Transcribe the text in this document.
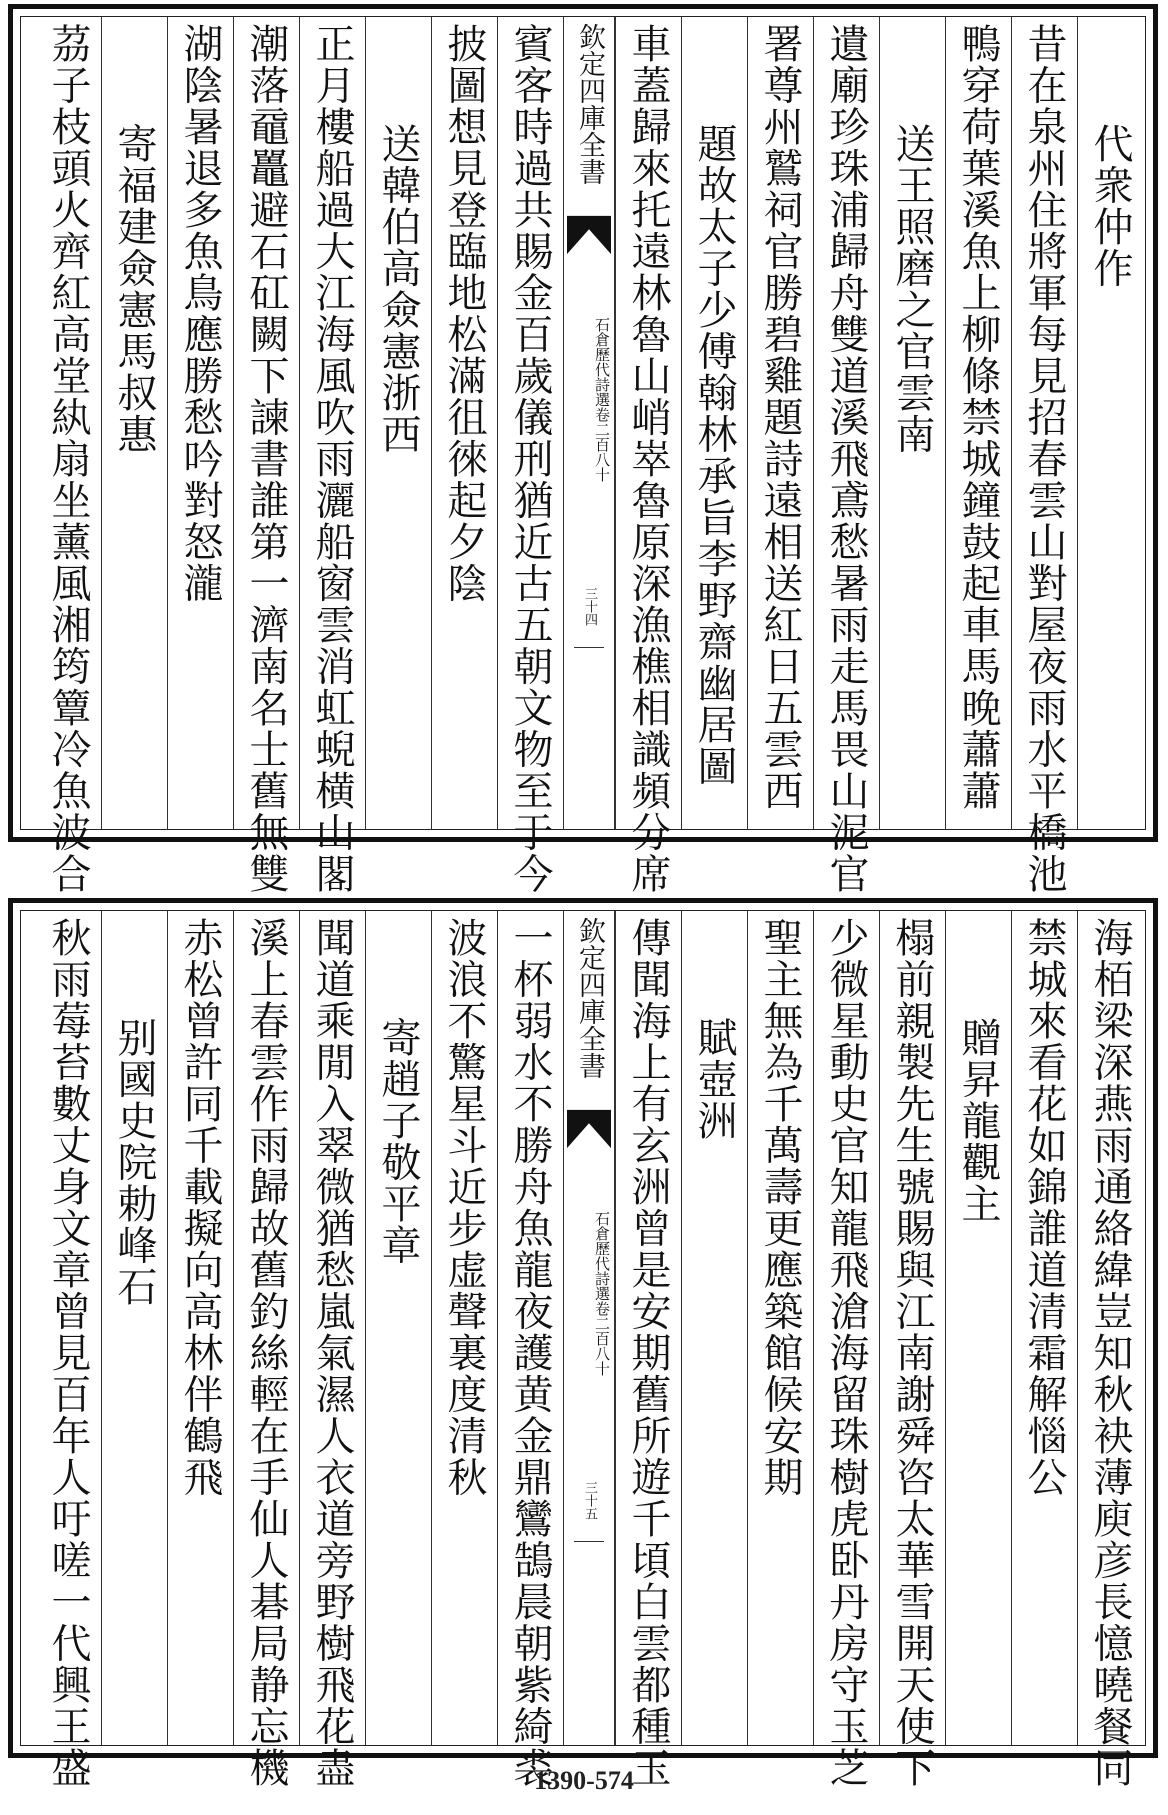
代衆仲作
昔在泉州住將軍每見招春雲山對屋夜雨水平橋池
鴨穿荷葉溪魚上柳條禁城鐘鼓起車馬晚蕭蕭
送王照磨之官雲南
遺廟珍珠浦歸舟雙道溪飛鳶愁暑雨走馬畏山泥官
署尊州鷲祠官勝碧雞題詩遠相送紅日五雲西
題故太子少傅翰林承旨李野齋幽居圖
車蓋歸來托遠林魯山峭崒魯原深漁樵相識頻分席
欽定四庫全書
石倉歷代詩選卷二百八十
三十四
賓客時過共賜金百歲儀刑猶近古五朝文物至于今
披圖想見登臨地松滿徂徠起夕陰
送韓伯高僉憲浙西
正月樓船過大江海風吹雨灑船窗雲消虹蜺横山閣
潮落黿鼉避石矼闕下諫書誰第一濟南名士舊無雙
湖陰暑退多魚鳥應勝愁吟對怒瀧
寄福建僉憲馬叔惠
茘子枝頭火齊紅高堂紈扇坐薰風湘筠簟冷魚波合
海栢梁深燕雨通絡緯豈知秋袂薄庾彦長憶曉餐同
禁城來看花如錦誰道清霜解惱公
贈昇龍觀主
榻前親製先生號賜與江南謝舜咨太華雪開天使下
少微星動史官知龍飛滄海留珠樹虎卧丹房守玉芝
聖主無為千萬壽更應築館候安期
賦壺洲
傳聞海上有玄洲曾是安期舊所遊千頃白雲都種玉
欽定四庫全書
石倉歷代詩選卷二百八十
三十五
一杯弱水不勝舟魚龍夜護黄金鼎鸞鵠晨朝紫綺裘
波浪不驚星斗近步虚聲裏度清秋
寄趙子敬平章
聞道乘閒入翠微猶愁嵐氣濕人衣道旁野樹飛花盡
溪上春雲作雨歸故舊釣絲輕在手仙人碁局静忘機
赤松曾許同千載擬向高林伴鶴飛
别國史院勅峰石
秋雨莓苔數丈身文章曾見百年人吁嗟一代興王盛	1390-574
